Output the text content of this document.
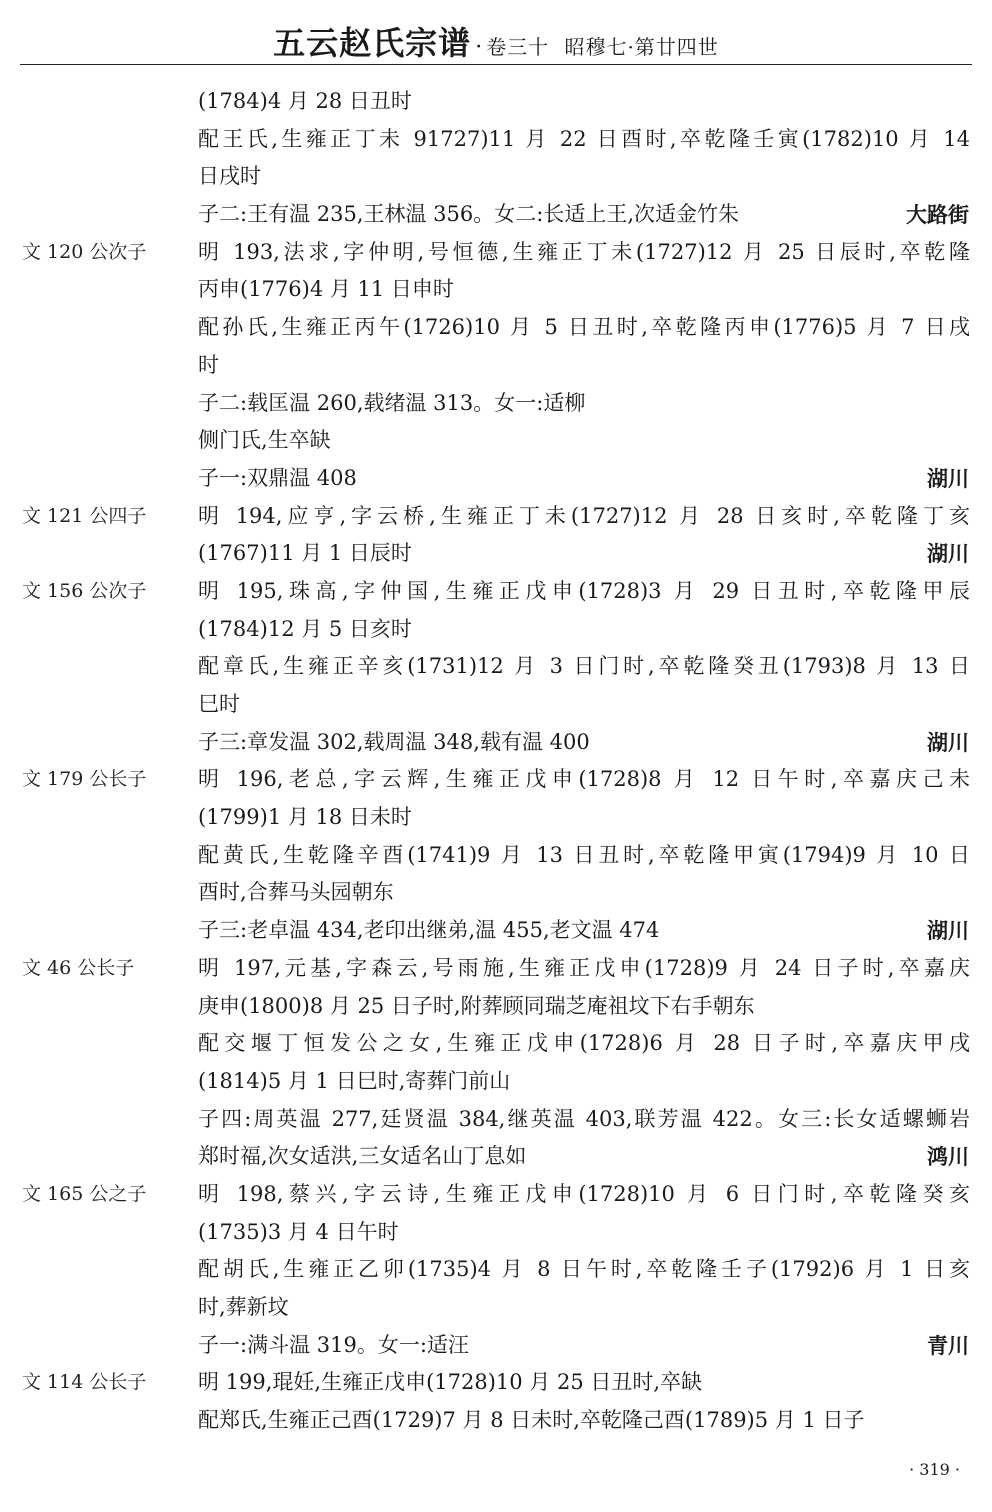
五云赵氏宗谱 · 卷三十 昭穆七·第廿四世
(1784)4 月 28 日丑时
配王氏,生雍正丁未 91727)11 月 22 日酉时,卒乾隆壬寅(1782)10 月 14
日戌时
子二:王有温 235,王林温 356。女二:长适上王,次适金竹朱	大路街
文 120 公次子 明 193,法求,字仲明,号恒德,生雍正丁未(1727)12 月 25 日辰时,卒乾隆
丙申(1776)4 月 11 日申时
配孙氏,生雍正丙午(1726)10 月 5 日丑时,卒乾隆丙申(1776)5 月 7 日戌
时
子二:载匡温 260,载绪温 313。女一:适柳
侧门氏,生卒缺
子一:双鼎温 408	湖川
文 121 公四子 明 194,应亨,字云桥,生雍正丁未(1727)12 月 28 日亥时,卒乾隆丁亥
(1767)11 月 1 日辰时	湖川
文 156 公次子 明 195,珠高,字仲国,生雍正戊申(1728)3 月 29 日丑时,卒乾隆甲辰
(1784)12 月 5 日亥时
配章氏,生雍正辛亥(1731)12 月 3 日门时,卒乾隆癸丑(1793)8 月 13 日
巳时
子三:章发温 302,载周温 348,载有温 400	湖川
文 179 公长子 明 196,老总,字云辉,生雍正戊申(1728)8 月 12 日午时,卒嘉庆己未
(1799)1 月 18 日未时
配黄氏,生乾隆辛酉(1741)9 月 13 日丑时,卒乾隆甲寅(1794)9 月 10 日
酉时,合葬马头园朝东
子三:老卓温 434,老印出继弟,温 455,老文温 474	湖川
文 46 公长子	明 197,元基,字森云,号雨施,生雍正戊申(1728)9 月 24 日子时,卒嘉庆
庚申(1800)8 月 25 日子时,附葬顾同瑞芝庵祖坟下右手朝东
配交堰丁恒发公之女,生雍正戊申(1728)6 月 28 日子时,卒嘉庆甲戌
(1814)5 月 1 日巳时,寄葬门前山
子四:周英温 277,廷贤温 384,继英温 403,联芳温 422。女三:长女适螺蛳岩
郑时福,次女适洪,三女适名山丁息如	鸿川
文 165 公之子 明 198,蔡兴,字云诗,生雍正戊申(1728)10 月 6 日门时,卒乾隆癸亥
(1735)3 月 4 日午时
配胡氏,生雍正乙卯(1735)4 月 8 日午时,卒乾隆壬子(1792)6 月 1 日亥
时,葬新坟
子一:满斗温 319。女一:适汪	青川
文 114 公长子 明 199,琨妊,生雍正戊申(1728)10 月 25 日丑时,卒缺
配郑氏,生雍正己酉(1729)7 月 8 日未时,卒乾隆己酉(1789)5 月 1 日子
· 319 ·
